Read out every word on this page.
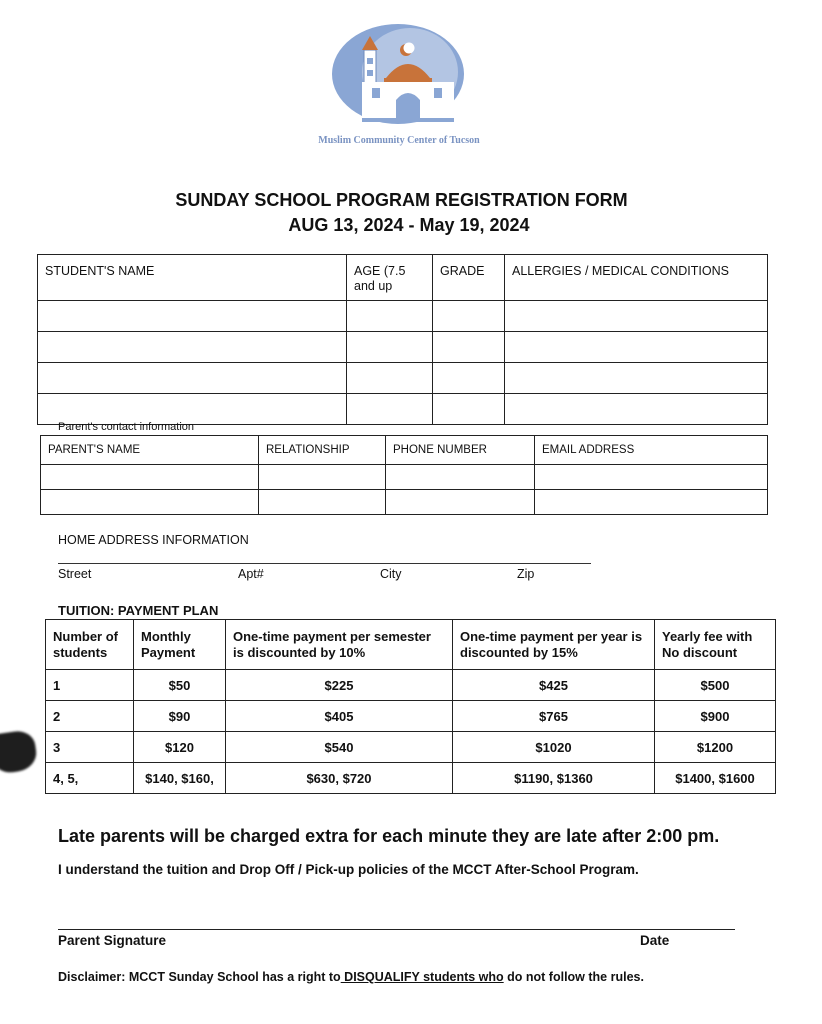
Muslim Community Center of Tucson
SUNDAY SCHOOL PROGRAM REGISTRATION FORM
AUG 13, 2024 - May 19, 2024
STUDENT'S NAME	AGE (7.5 and up	GRADE	ALLERGIES / MEDICAL CONDITIONS

Parent's contact information
PARENT'S NAME	RELATIONSHIP	PHONE NUMBER	EMAIL ADDRESS

HOME ADDRESS INFORMATION
Street	Apt#	City	Zip
TUITION: PAYMENT PLAN
Number of students	Monthly Payment	One-time payment per semester is discounted by 10%	One-time payment per year is discounted by 15%	Yearly fee with No discount
1	$50	$225	$425	$500
2	$90	$405	$765	$900
3	$120	$540	$1020	$1200
4, 5,	$140, $160,	$630, $720	$1190, $1360	$1400, $1600
Late parents will be charged extra for each minute they are late after 2:00 pm.
I understand the tuition and Drop Off / Pick-up policies of the MCCT After-School Program.
Parent Signature	Date
Disclaimer: MCCT Sunday School has a right to DISQUALIFY students who do not follow the rules.
